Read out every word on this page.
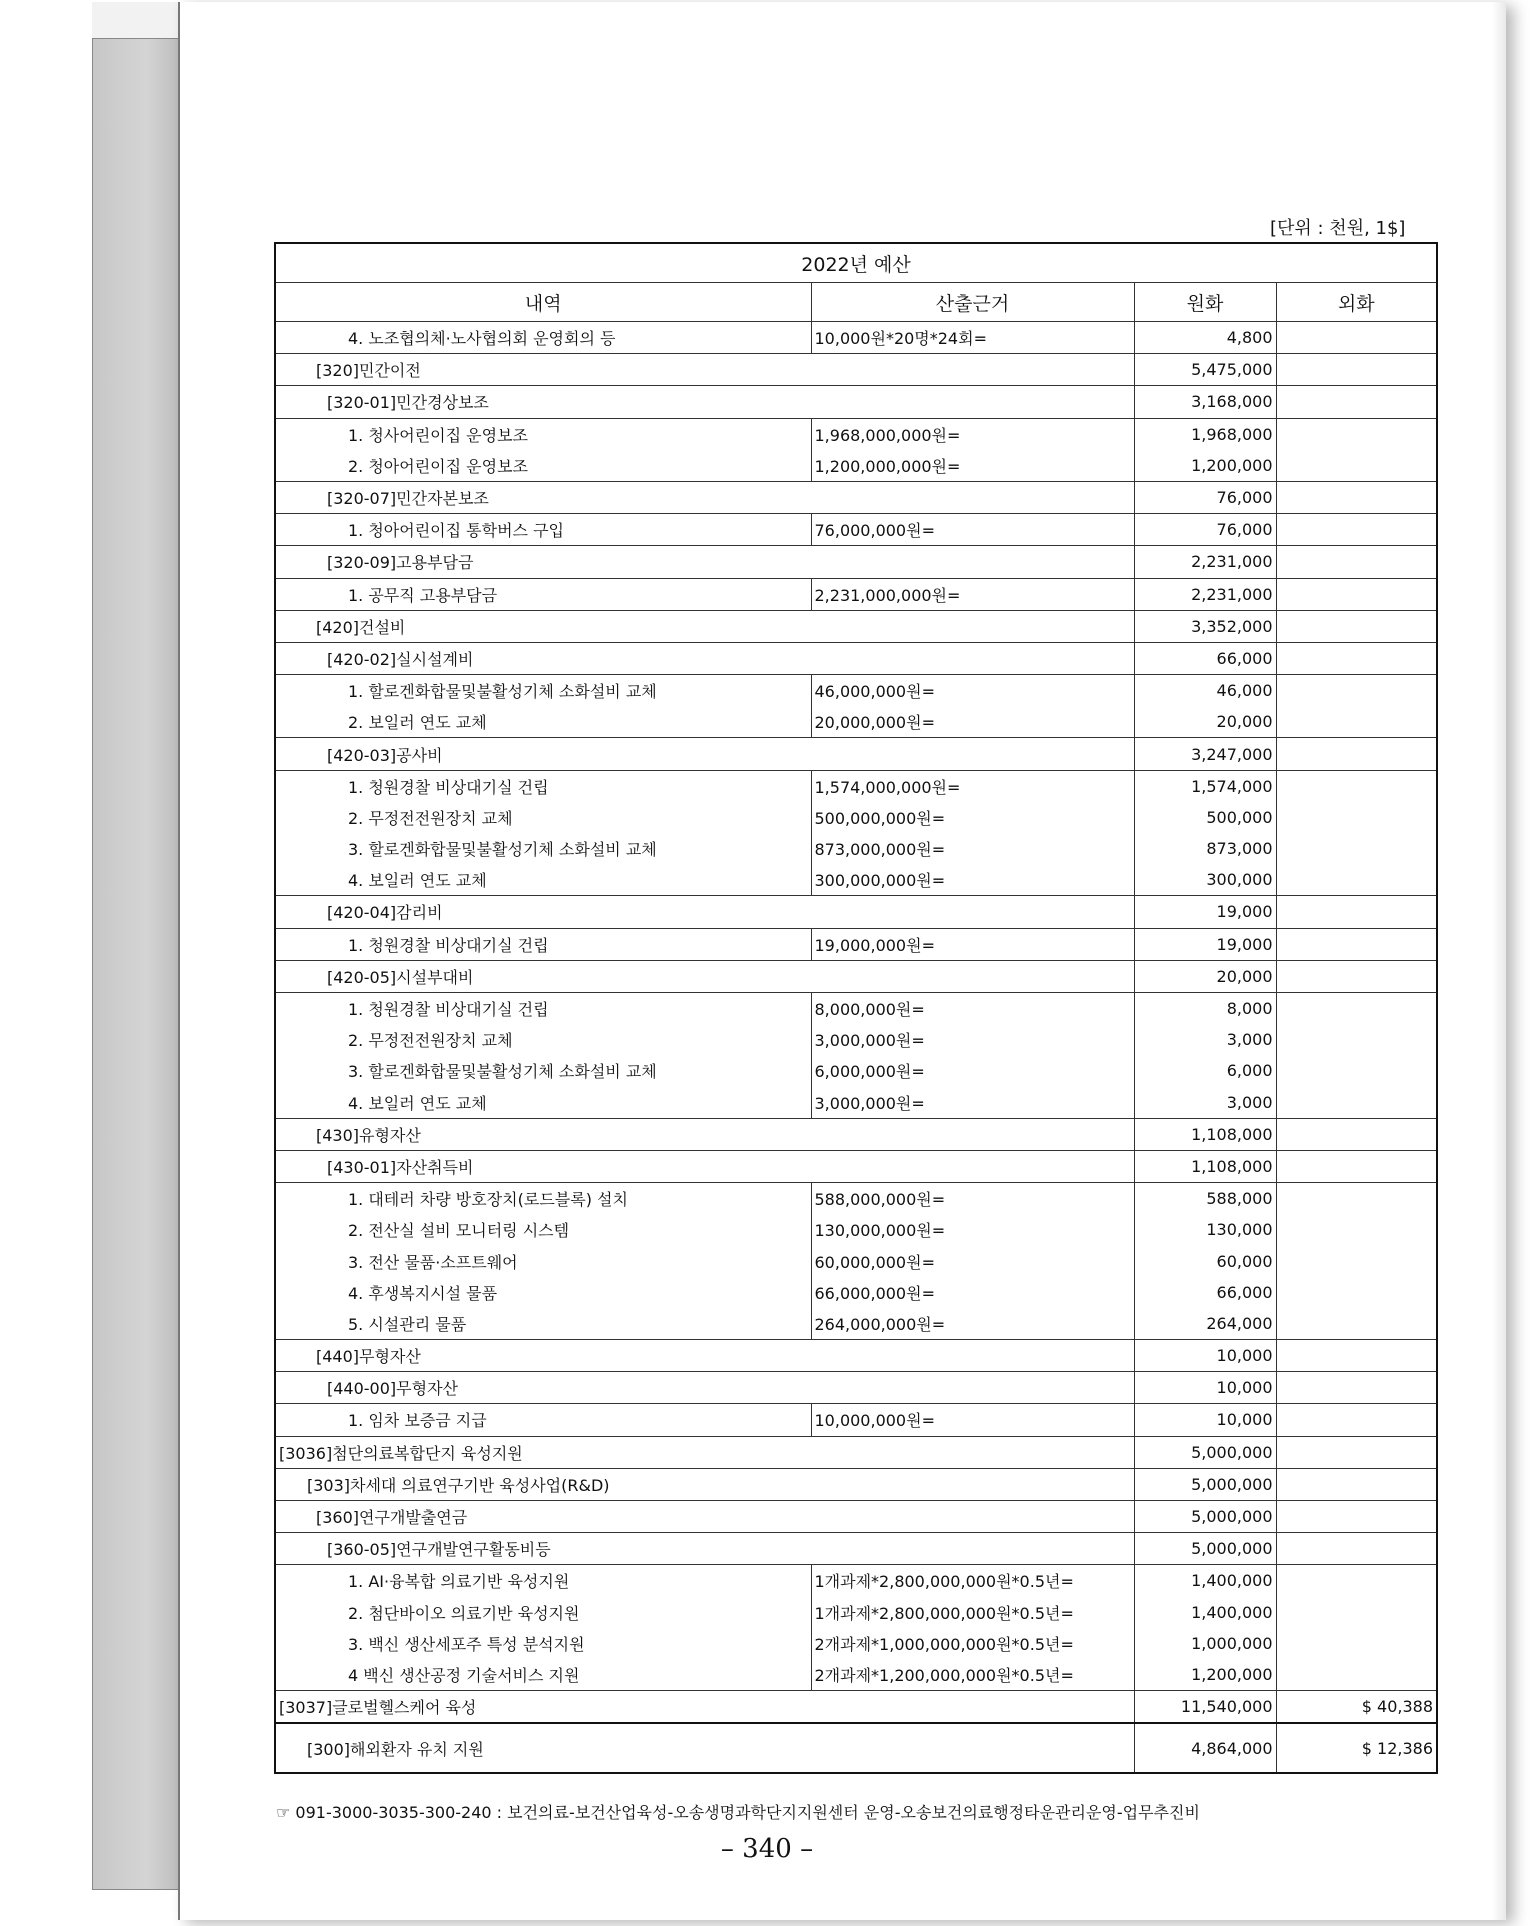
[단위 : 천원, 1$]
2022년 예산			
내역	산출근거	원화	외화
4. 노조협의체·노사협의회 운영회의 등	10,000원*20명*24회=	4,800	
[320]민간이전		5,475,000	
[320-01]민간경상보조		3,168,000	
1. 청사어린이집 운영보조	1,968,000,000원=	1,968,000	
2. 청아어린이집 운영보조	1,200,000,000원=	1,200,000	
[320-07]민간자본보조		76,000	
1. 청아어린이집 통학버스 구입	76,000,000원=	76,000	
[320-09]고용부담금		2,231,000	
1. 공무직 고용부담금	2,231,000,000원=	2,231,000	
[420]건설비		3,352,000	
[420-02]실시설계비		66,000	
1. 할로겐화합물및불활성기체 소화설비 교체	46,000,000원=	46,000	
2. 보일러 연도 교체	20,000,000원=	20,000	
[420-03]공사비		3,247,000	
1. 청원경찰 비상대기실 건립	1,574,000,000원=	1,574,000	
2. 무정전전원장치 교체	500,000,000원=	500,000	
3. 할로겐화합물및불활성기체 소화설비 교체	873,000,000원=	873,000	
4. 보일러 연도 교체	300,000,000원=	300,000	
[420-04]감리비		19,000	
1. 청원경찰 비상대기실 건립	19,000,000원=	19,000	
[420-05]시설부대비		20,000	
1. 청원경찰 비상대기실 건립	8,000,000원=	8,000	
2. 무정전전원장치 교체	3,000,000원=	3,000	
3. 할로겐화합물및불활성기체 소화설비 교체	6,000,000원=	6,000	
4. 보일러 연도 교체	3,000,000원=	3,000	
[430]유형자산		1,108,000	
[430-01]자산취득비		1,108,000	
1. 대테러 차량 방호장치(로드블록) 설치	588,000,000원=	588,000	
2. 전산실 설비 모니터링 시스템	130,000,000원=	130,000	
3. 전산 물품·소프트웨어	60,000,000원=	60,000	
4. 후생복지시설 물품	66,000,000원=	66,000	
5. 시설관리 물품	264,000,000원=	264,000	
[440]무형자산		10,000	
[440-00]무형자산		10,000	
1. 임차 보증금 지급	10,000,000원=	10,000	
[3036]첨단의료복합단지 육성지원		5,000,000	
[303]차세대 의료연구기반 육성사업(R&D)		5,000,000	
[360]연구개발출연금		5,000,000	
[360-05]연구개발연구활동비등		5,000,000	
1. AI·융복합 의료기반 육성지원	1개과제*2,800,000,000원*0.5년=	1,400,000	
2. 첨단바이오 의료기반 육성지원	1개과제*2,800,000,000원*0.5년=	1,400,000	
3. 백신 생산세포주 특성 분석지원	2개과제*1,000,000,000원*0.5년=	1,000,000	
4 백신 생산공정 기술서비스 지원	2개과제*1,200,000,000원*0.5년=	1,200,000	
[3037]글로벌헬스케어 육성		11,540,000	$ 40,388
[300]해외환자 유치 지원		4,864,000	$ 12,386
☞ 091-3000-3035-300-240 : 보건의료-보건산업육성-오송생명과학단지지원센터 운영-오송보건의료행정타운관리운영-업무추진비
– 340 –
